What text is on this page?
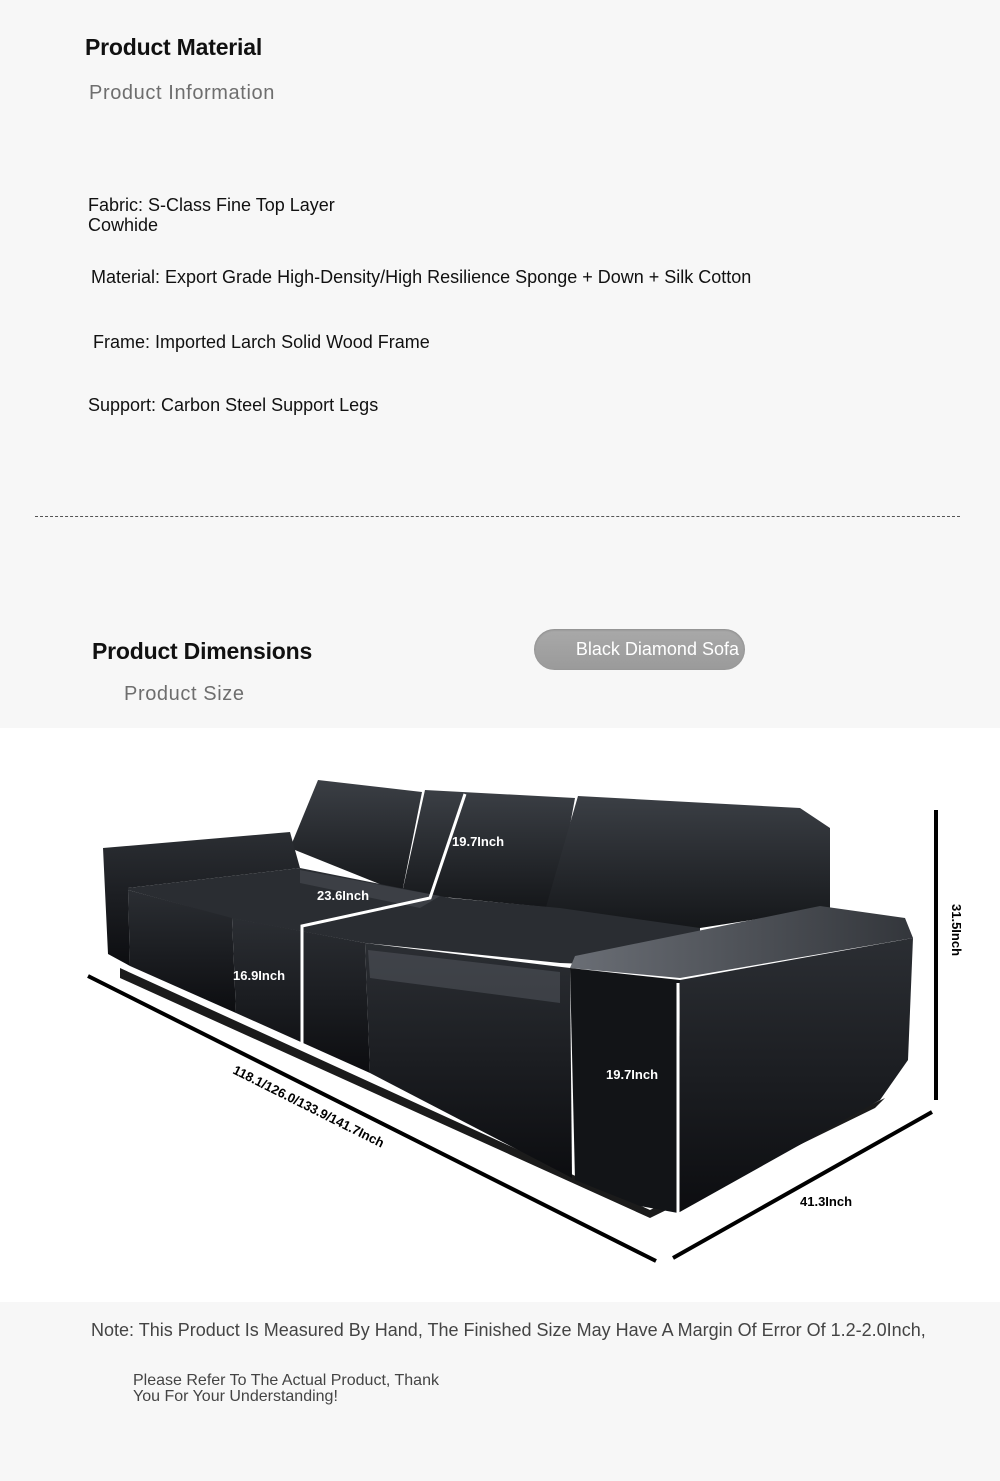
Product Material
Product Information
Fabric: S-Class Fine Top Layer Cowhide
Material: Export Grade High-Density/High Resilience Sponge + Down + Silk Cotton
Frame: Imported Larch Solid Wood Frame
Support: Carbon Steel Support Legs
Product Dimensions
Product Size
Black Diamond Sofa
19.7Inch
23.6Inch
16.9Inch
19.7Inch
31.5Inch
118.1/126.0/133.9/141.7Inch
41.3Inch
Note: This Product Is Measured By Hand, The Finished Size May Have A Margin Of Error Of 1.2-2.0Inch,
Please Refer To The Actual Product, Thank You For Your Understanding!
